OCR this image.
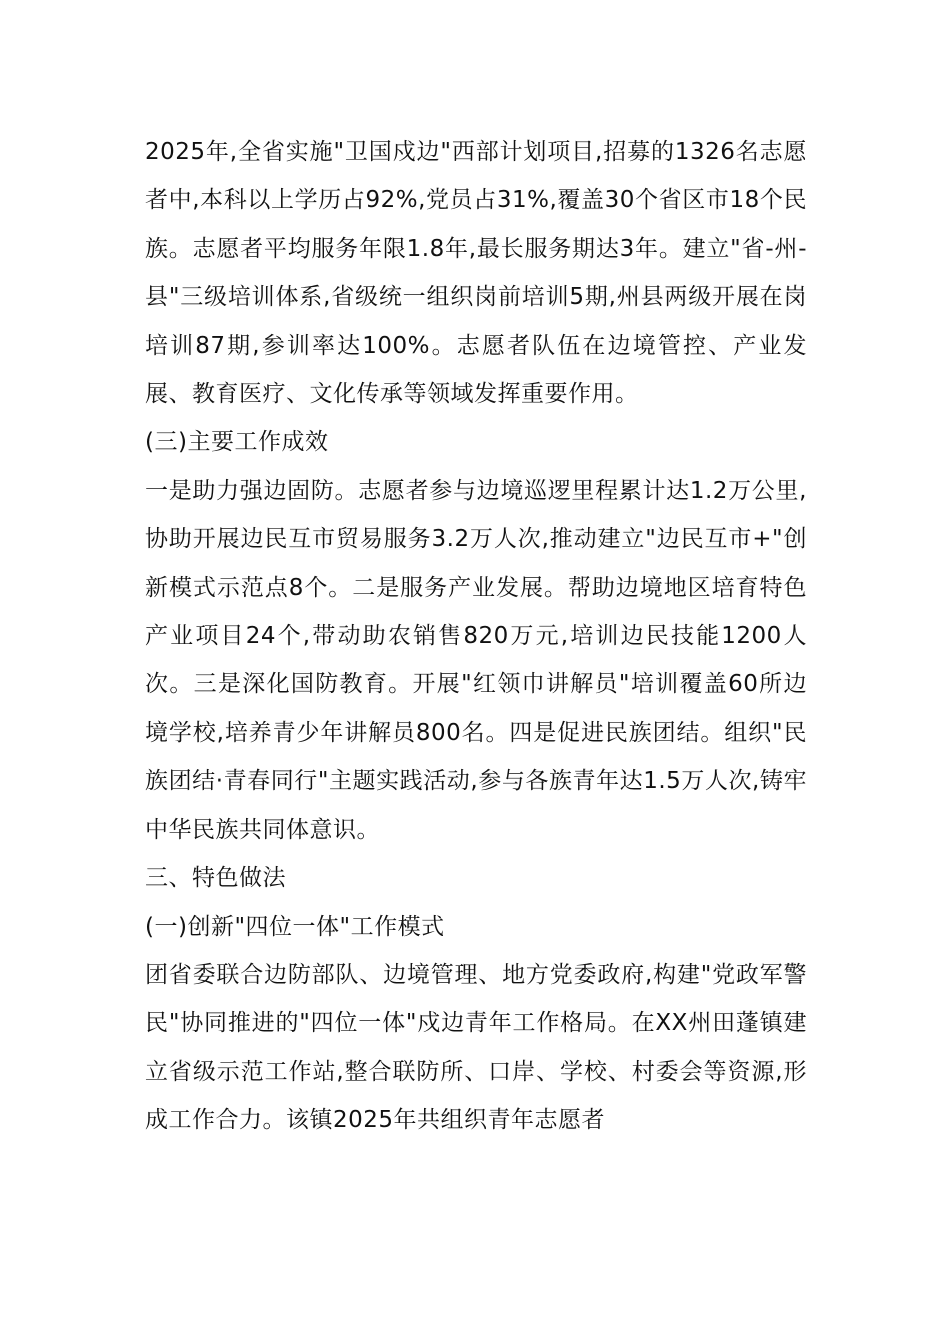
2025年,全省实施"卫国戍边"西部计划项目,招募的1326名志愿者中,本科以上学历占92%,党员占31%,覆盖30个省区市18个民族。志愿者平均服务年限1.8年,最长服务期达3年。建立"省-州-县"三级培训体系,省级统一组织岗前培训5期,州县两级开展在岗培训87期,参训率达100%。志愿者队伍在边境管控、产业发展、教育医疗、文化传承等领域发挥重要作用。

(三)主要工作成效

一是助力强边固防。志愿者参与边境巡逻里程累计达1.2万公里,协助开展边民互市贸易服务3.2万人次,推动建立"边民互市+"创新模式示范点8个。二是服务产业发展。帮助边境地区培育特色产业项目24个,带动助农销售820万元,培训边民技能1200人次。三是深化国防教育。开展"红领巾讲解员"培训覆盖60所边境学校,培养青少年讲解员800名。四是促进民族团结。组织"民族团结·青春同行"主题实践活动,参与各族青年达1.5万人次,铸牢中华民族共同体意识。

三、特色做法

(一)创新"四位一体"工作模式

团省委联合边防部队、边境管理、地方党委政府,构建"党政军警民"协同推进的"四位一体"戍边青年工作格局。在XX州田蓬镇建立省级示范工作站,整合联防所、口岸、学校、村委会等资源,形成工作合力。该镇2025年共组织青年志愿者
